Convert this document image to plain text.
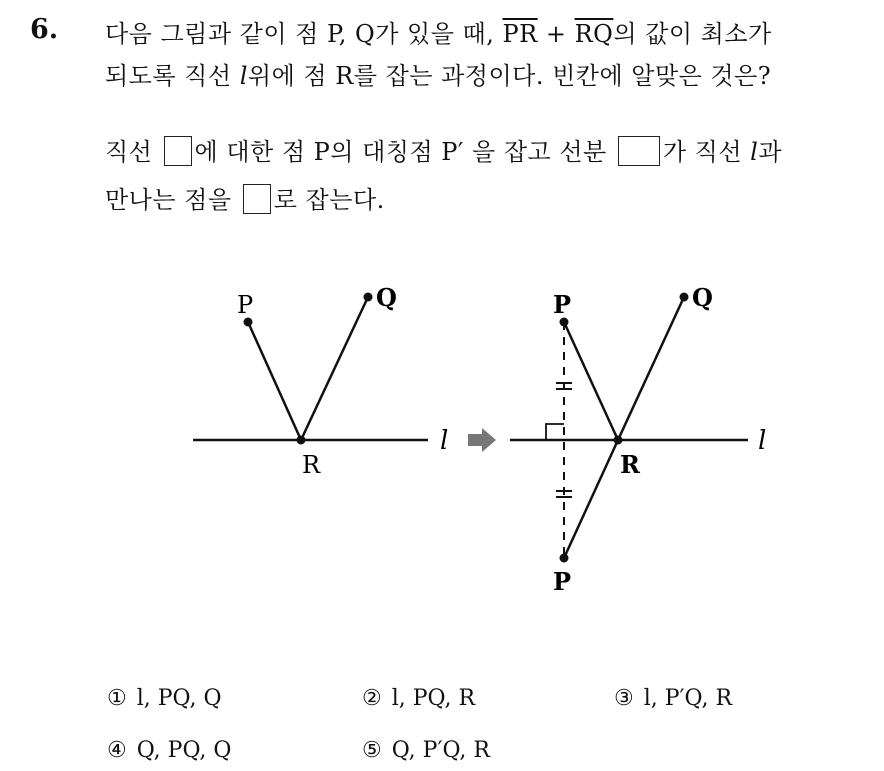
6. 다음 그림과 같이 점 P, Q가 있을 때, $\overline{PR} + \overline{RQ}$의 값이 최소가
되도록 직선 l위에 점 R를 잡는 과정이다. 빈칸에 알맞은 것은?
직선 에 대한 점 P의 대칭점 P′ 을 잡고 선분 가 직선 l과
만나는 점을 로 잡는다.
P	Q
R
l
P	Q
R
l
P
① l, PQ, Q	② l, PQ, R	③ l, P′Q, R
④ Q, PQ, Q	⑤ Q, P′Q, R
